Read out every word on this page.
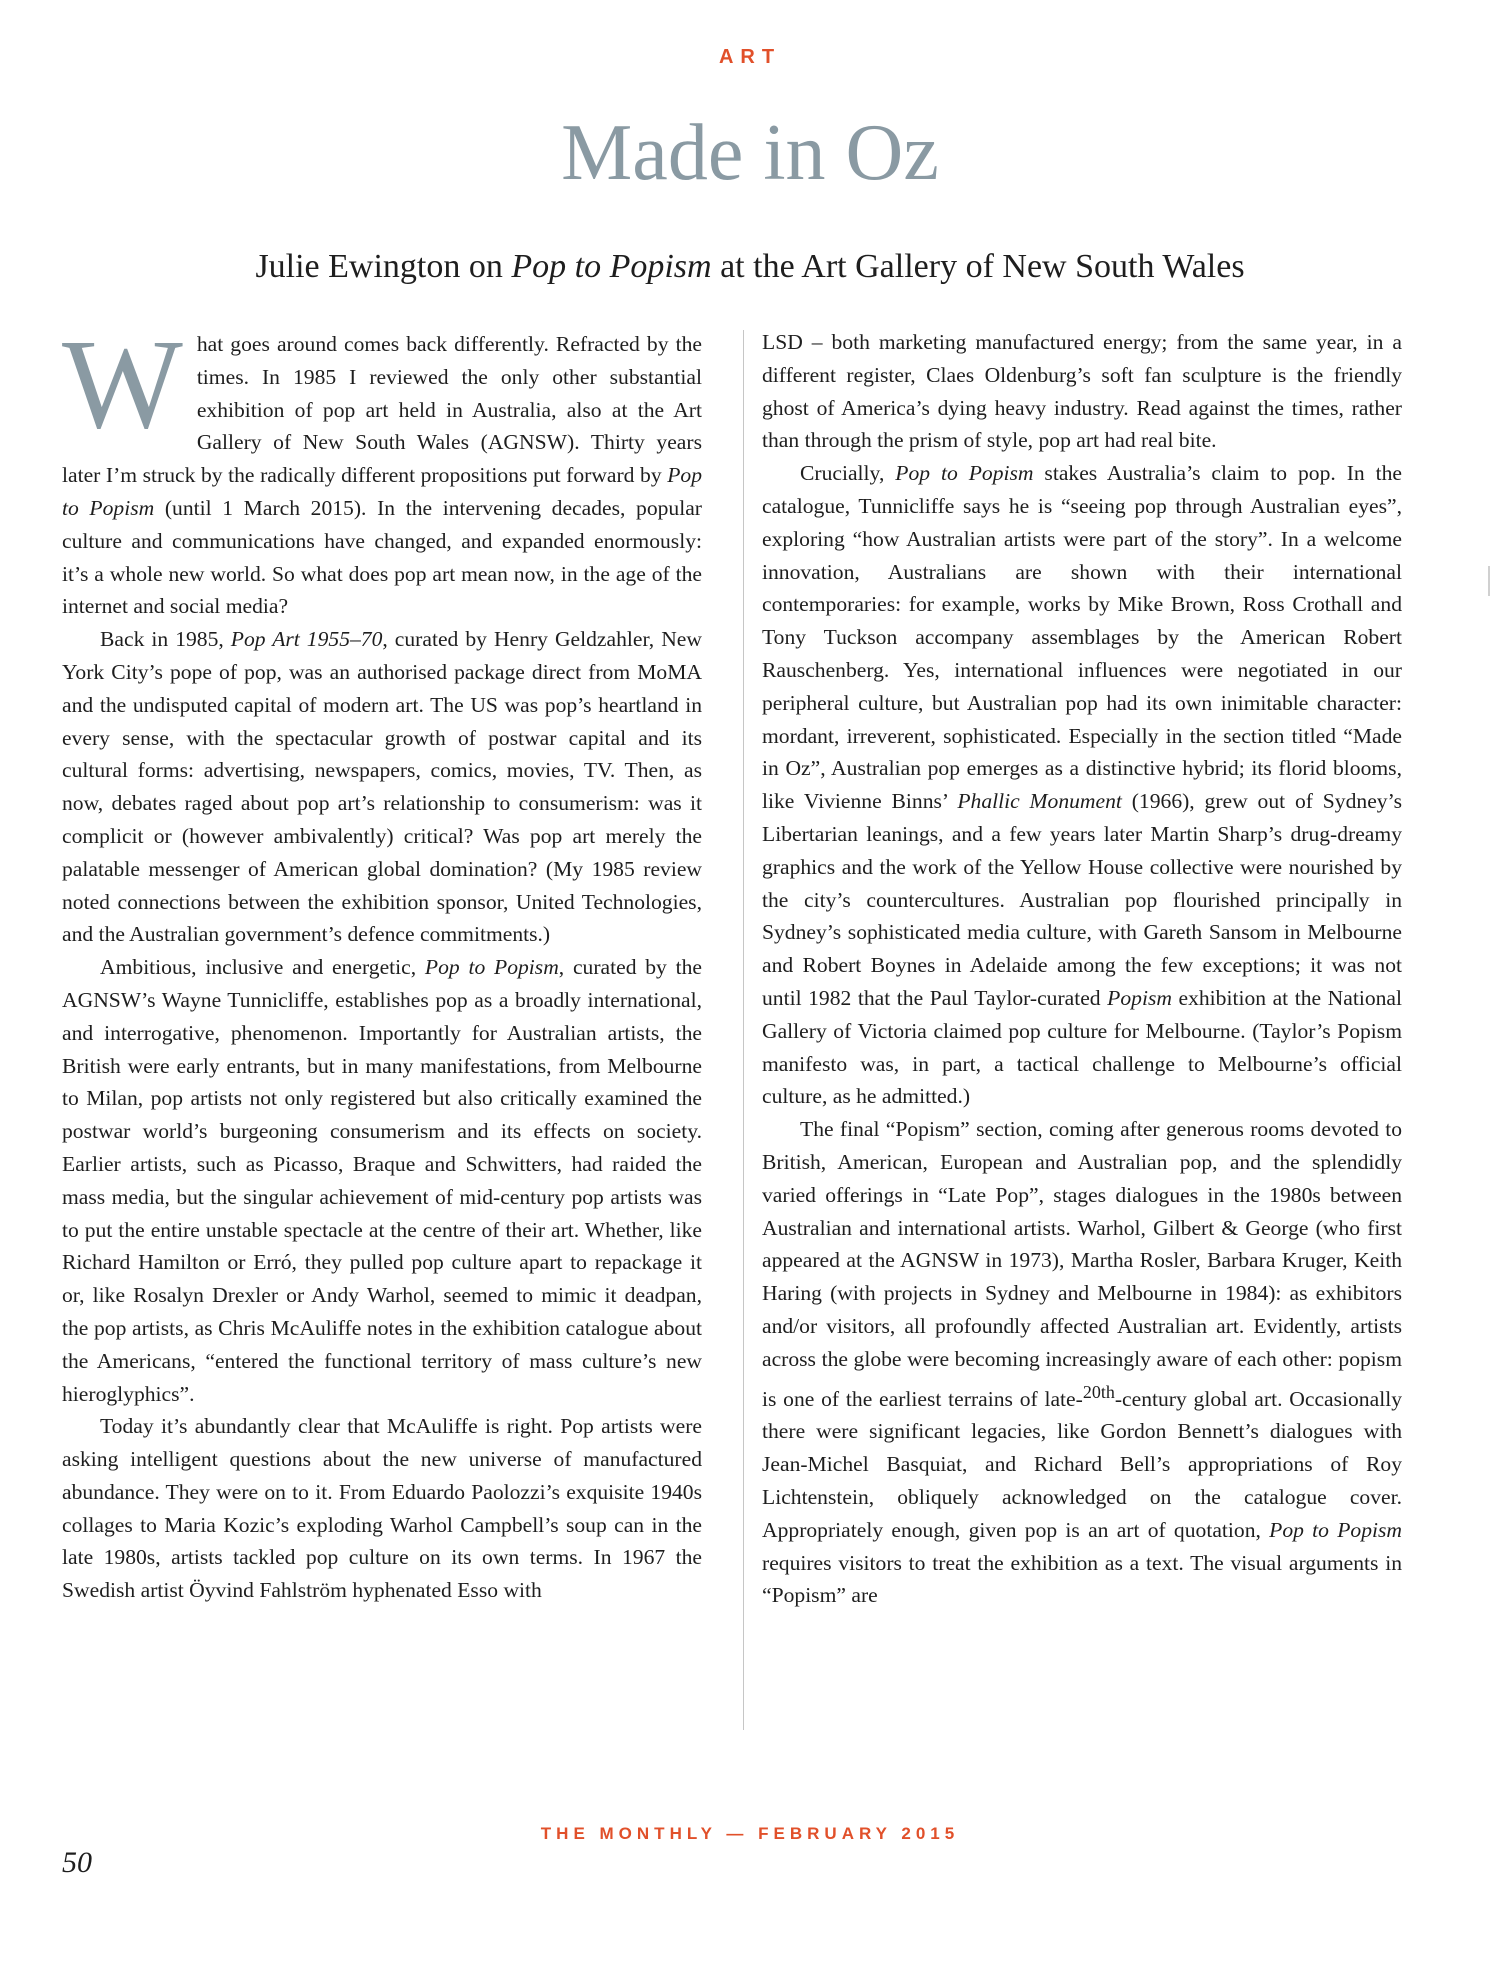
ART
Made in Oz

Julie Ewington on Pop to Popism at the Art Gallery of New South Wales

What goes around comes back differently. Refracted by the times. In 1985 I reviewed the only other substantial exhibition of pop art held in Australia, also at the Art Gallery of New South Wales (AGNSW). Thirty years later I’m struck by the radically different propositions put forward by Pop to Popism (until 1 March 2015). In the intervening decades, popular culture and communications have changed, and expanded enormously: it’s a whole new world. So what does pop art mean now, in the age of the internet and social media?

Back in 1985, Pop Art 1955–70, curated by Henry Geldzahler, New York City’s pope of pop, was an authorised package direct from MoMA and the undisputed capital of modern art. The US was pop’s heartland in every sense, with the spectacular growth of postwar capital and its cultural forms: advertising, newspapers, comics, movies, TV. Then, as now, debates raged about pop art’s relationship to consumerism: was it complicit or (however ambivalently) critical? Was pop art merely the palatable messenger of American global domination? (My 1985 review noted connections between the exhibition sponsor, United Technologies, and the Australian government’s defence commitments.)

Ambitious, inclusive and energetic, Pop to Popism, curated by the AGNSW’s Wayne Tunnicliffe, establishes pop as a broadly international, and interrogative, phenomenon. Importantly for Australian artists, the British were early entrants, but in many manifestations, from Melbourne to Milan, pop artists not only registered but also critically examined the postwar world’s burgeoning consumerism and its effects on society. Earlier artists, such as Picasso, Braque and Schwitters, had raided the mass media, but the singular achievement of mid-century pop artists was to put the entire unstable spectacle at the centre of their art. Whether, like Richard Hamilton or Erró, they pulled pop culture apart to repackage it or, like Rosalyn Drexler or Andy Warhol, seemed to mimic it deadpan, the pop artists, as Chris McAuliffe notes in the exhibition catalogue about the Americans, “entered the functional territory of mass culture’s new hieroglyphics”.

Today it’s abundantly clear that McAuliffe is right. Pop artists were asking intelligent questions about the new universe of manufactured abundance. They were on to it. From Eduardo Paolozzi’s exquisite 1940s collages to Maria Kozic’s exploding Warhol Campbell’s soup can in the late 1980s, artists tackled pop culture on its own terms. In 1967 the Swedish artist Öyvind Fahlström hyphenated Esso with

LSD – both marketing manufactured energy; from the same year, in a different register, Claes Oldenburg’s soft fan sculpture is the friendly ghost of America’s dying heavy industry. Read against the times, rather than through the prism of style, pop art had real bite.

Crucially, Pop to Popism stakes Australia’s claim to pop. In the catalogue, Tunnicliffe says he is “seeing pop through Australian eyes”, exploring “how Australian artists were part of the story”. In a welcome innovation, Australians are shown with their international contemporaries: for example, works by Mike Brown, Ross Crothall and Tony Tuckson accompany assemblages by the American Robert Rauschenberg. Yes, international influences were negotiated in our peripheral culture, but Australian pop had its own inimitable character: mordant, irreverent, sophisticated. Especially in the section titled “Made in Oz”, Australian pop emerges as a distinctive hybrid; its florid blooms, like Vivienne Binns’ Phallic Monument (1966), grew out of Sydney’s Libertarian leanings, and a few years later Martin Sharp’s drug-dreamy graphics and the work of the Yellow House collective were nourished by the city’s countercultures. Australian pop flourished principally in Sydney’s sophisticated media culture, with Gareth Sansom in Melbourne and Robert Boynes in Adelaide among the few exceptions; it was not until 1982 that the Paul Taylor-curated Popism exhibition at the National Gallery of Victoria claimed pop culture for Melbourne. (Taylor’s Popism manifesto was, in part, a tactical challenge to Melbourne’s official culture, as he admitted.)

The final “Popism” section, coming after generous rooms devoted to British, American, European and Australian pop, and the splendidly varied offerings in “Late Pop”, stages dialogues in the 1980s between Australian and international artists. Warhol, Gilbert & George (who first appeared at the AGNSW in 1973), Martha Rosler, Barbara Kruger, Keith Haring (with projects in Sydney and Melbourne in 1984): as exhibitors and/or visitors, all profoundly affected Australian art. Evidently, artists across the globe were becoming increasingly aware of each other: popism is one of the earliest terrains of late-$^{20th}$-century global art. Occasionally there were significant legacies, like Gordon Bennett’s dialogues with Jean-Michel Basquiat, and Richard Bell’s appropriations of Roy Lichtenstein, obliquely acknowledged on the catalogue cover. Appropriately enough, given pop is an art of quotation, Pop to Popism requires visitors to treat the exhibition as a text. The visual arguments in “Popism” are

THE MONTHLY — FEBRUARY 2015
50
